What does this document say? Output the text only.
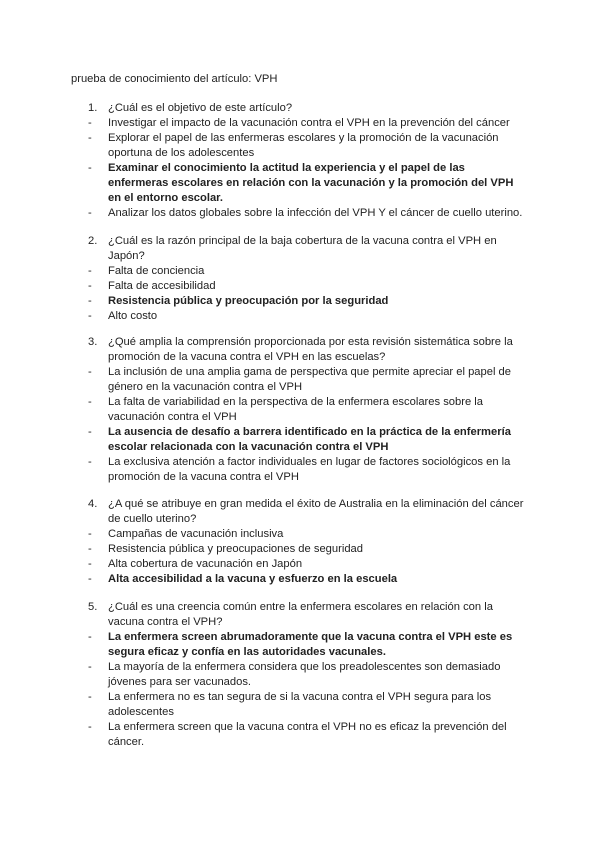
prueba de conocimiento del artículo: VPH
1. ¿Cuál es el objetivo de este artículo?
-	Investigar el impacto de la vacunación contra el VPH en la prevención del cáncer
-	Explorar el papel de las enfermeras escolares y la promoción de la vacunación oportuna de los adolescentes
-	Examinar el conocimiento la actitud la experiencia y el papel de las enfermeras escolares en relación con la vacunación y la promoción del VPH en el entorno escolar.
-	Analizar los datos globales sobre la infección del VPH Y el cáncer de cuello uterino.
2. ¿Cuál es la razón principal de la baja cobertura de la vacuna contra el VPH en Japón?
-	Falta de conciencia
-	Falta de accesibilidad
-	Resistencia pública y preocupación por la seguridad
-	Alto costo
3. ¿Qué amplia la comprensión proporcionada por esta revisión sistemática sobre la promoción de la vacuna contra el VPH en las escuelas?
-	La inclusión de una amplia gama de perspectiva que permite apreciar el papel de género en la vacunación contra el VPH
-	La falta de variabilidad en la perspectiva de la enfermera escolares sobre la vacunación contra el VPH
-	La ausencia de desafío a barrera identificado en la práctica de la enfermería escolar relacionada con la vacunación contra el VPH
-	La exclusiva atención a factor individuales en lugar de factores sociológicos en la promoción de la vacuna contra el VPH
4. ¿A qué se atribuye en gran medida el éxito de Australia en la eliminación del cáncer de cuello uterino?
-	Campañas de vacunación inclusiva
-	Resistencia pública y preocupaciones de seguridad
-	Alta cobertura de vacunación en Japón
-	Alta accesibilidad a la vacuna y esfuerzo en la escuela
5. ¿Cuál es una creencia común entre la enfermera escolares en relación con la vacuna contra el VPH?
-	La enfermera screen abrumadoramente que la vacuna contra el VPH este es segura eficaz y confía en las autoridades vacunales.
-	La mayoría de la enfermera considera que los preadolescentes son demasiado jóvenes para ser vacunados.
-	La enfermera no es tan segura de si la vacuna contra el VPH segura para los adolescentes
-	La enfermera screen que la vacuna contra el VPH no es eficaz la prevención del cáncer.
